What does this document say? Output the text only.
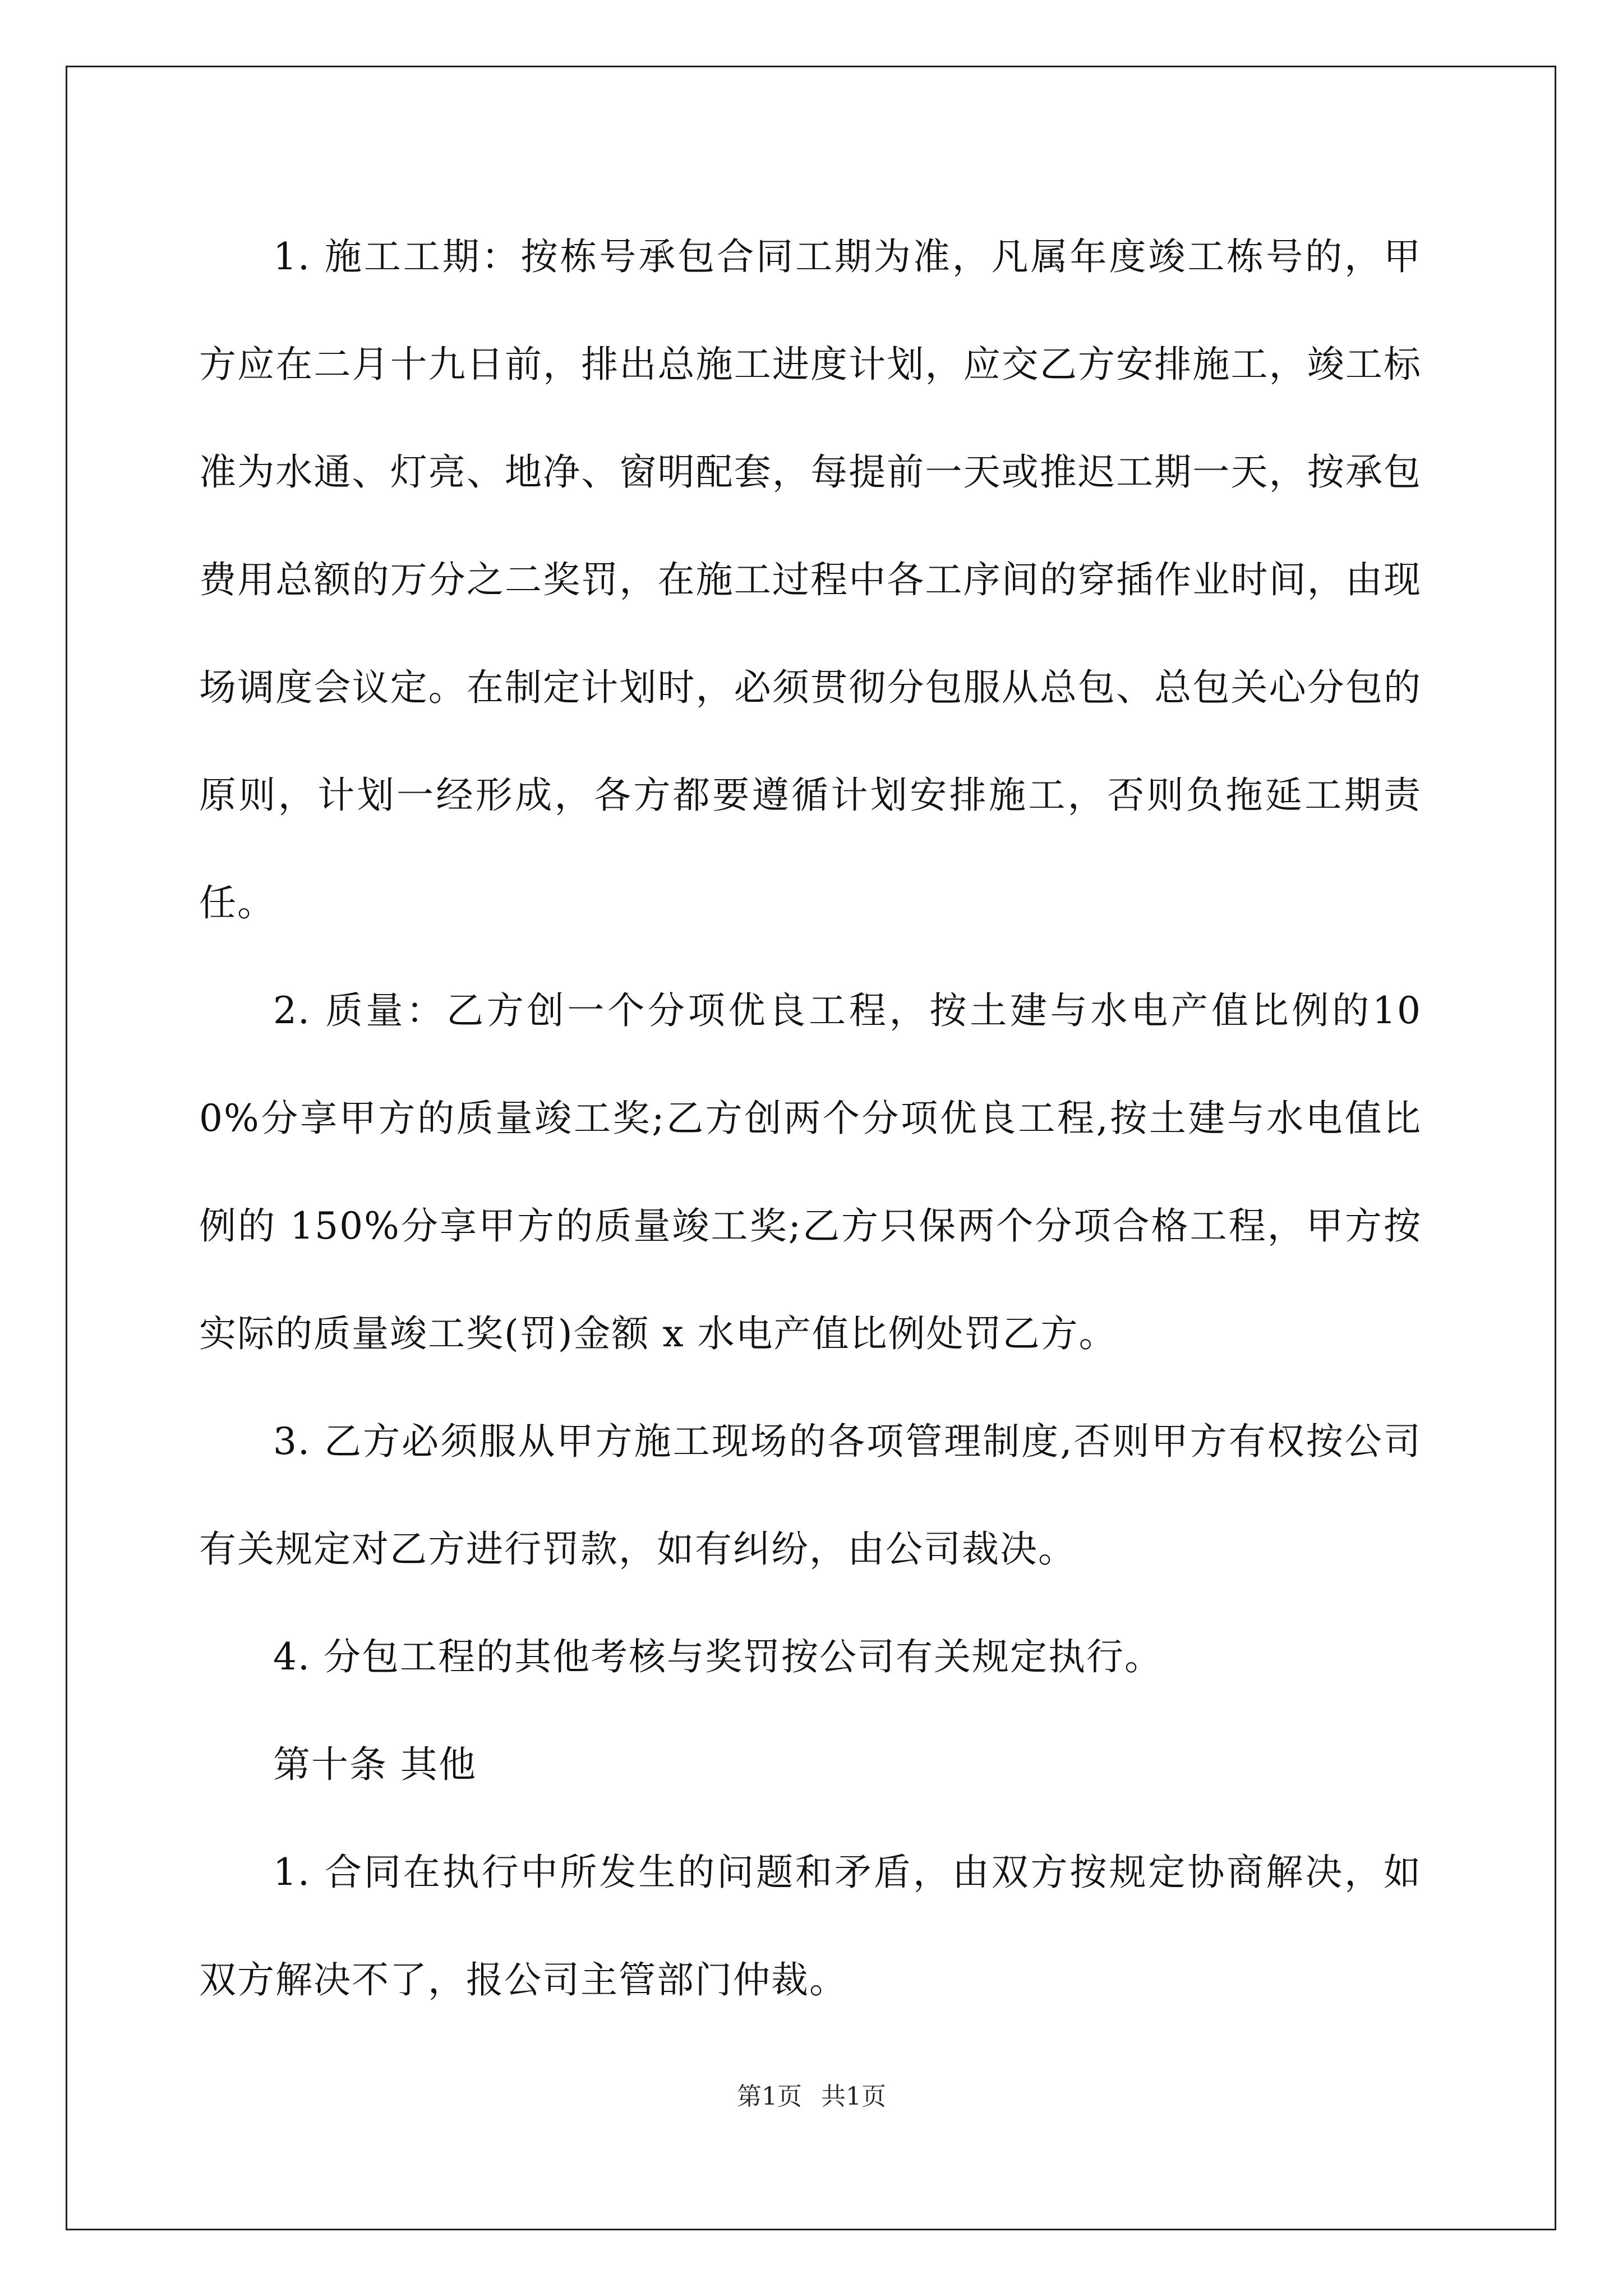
1. 施工工期：按栋号承包合同工期为准，凡属年度竣工栋号的，甲方应在二月十九日前，排出总施工进度计划，应交乙方安排施工，竣工标准为水通、灯亮、地净、窗明配套，每提前一天或推迟工期一天，按承包费用总额的万分之二奖罚，在施工过程中各工序间的穿插作业时间，由现场调度会议定。在制定计划时，必须贯彻分包服从总包、总包关心分包的原则，计划一经形成，各方都要遵循计划安排施工，否则负拖延工期责任。

2. 质量：乙方创一个分项优良工程，按土建与水电产值比例的100%分享甲方的质量竣工奖;乙方创两个分项优良工程,按土建与水电值比例的 150%分享甲方的质量竣工奖;乙方只保两个分项合格工程，甲方按实际的质量竣工奖(罚)金额 x 水电产值比例处罚乙方。

3. 乙方必须服从甲方施工现场的各项管理制度,否则甲方有权按公司有关规定对乙方进行罚款，如有纠纷，由公司裁决。

4. 分包工程的其他考核与奖罚按公司有关规定执行。

第十条 其他

1. 合同在执行中所发生的问题和矛盾，由双方按规定协商解决，如双方解决不了，报公司主管部门仲裁。

第1页 共1页
